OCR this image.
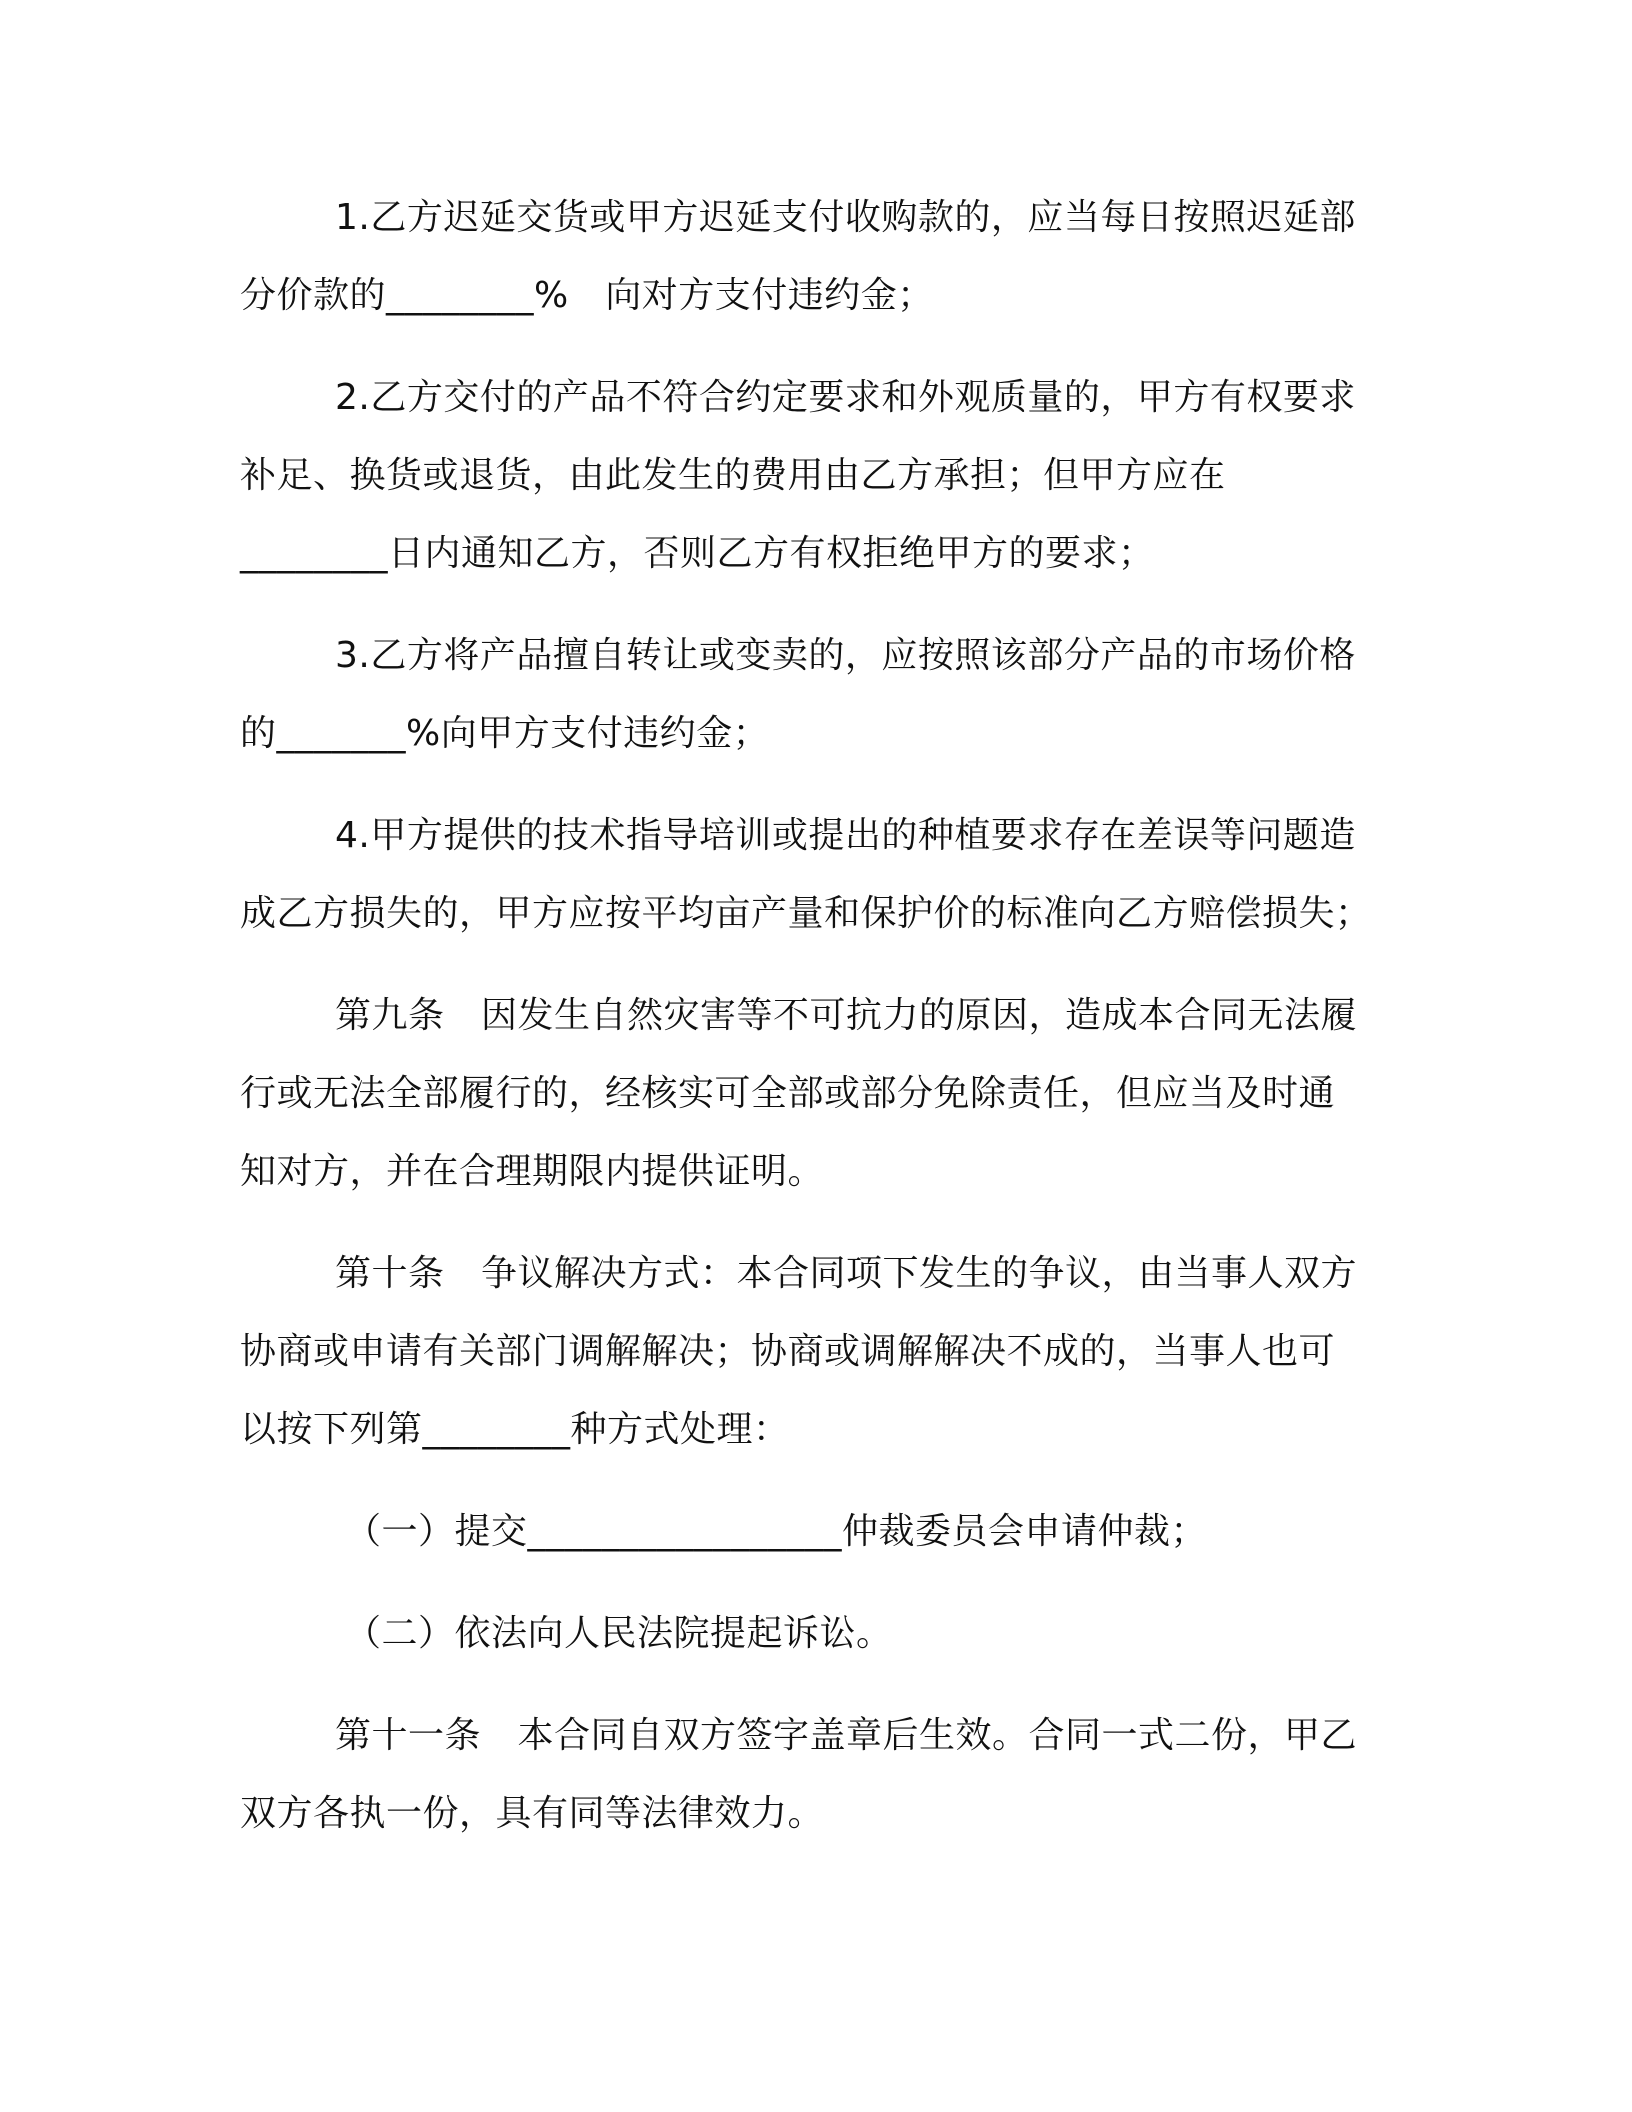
1.乙方迟延交货或甲方迟延支付收购款的，应当每日按照迟延部
分价款的________%　向对方支付违约金；
2.乙方交付的产品不符合约定要求和外观质量的，甲方有权要求
补足、换货或退货，由此发生的费用由乙方承担；但甲方应在
________日内通知乙方，否则乙方有权拒绝甲方的要求；
3.乙方将产品擅自转让或变卖的，应按照该部分产品的市场价格
的_______%向甲方支付违约金；
4.甲方提供的技术指导培训或提出的种植要求存在差误等问题造
成乙方损失的，甲方应按平均亩产量和保护价的标准向乙方赔偿损失；
第九条　因发生自然灾害等不可抗力的原因，造成本合同无法履
行或无法全部履行的，经核实可全部或部分免除责任，但应当及时通
知对方，并在合理期限内提供证明。
第十条　争议解决方式：本合同项下发生的争议，由当事人双方
协商或申请有关部门调解解决；协商或调解解决不成的，当事人也可
以按下列第________种方式处理：
（一）提交_________________仲裁委员会申请仲裁；
（二）依法向人民法院提起诉讼。
第十一条　本合同自双方签字盖章后生效。合同一式二份，甲乙
双方各执一份，具有同等法律效力。
